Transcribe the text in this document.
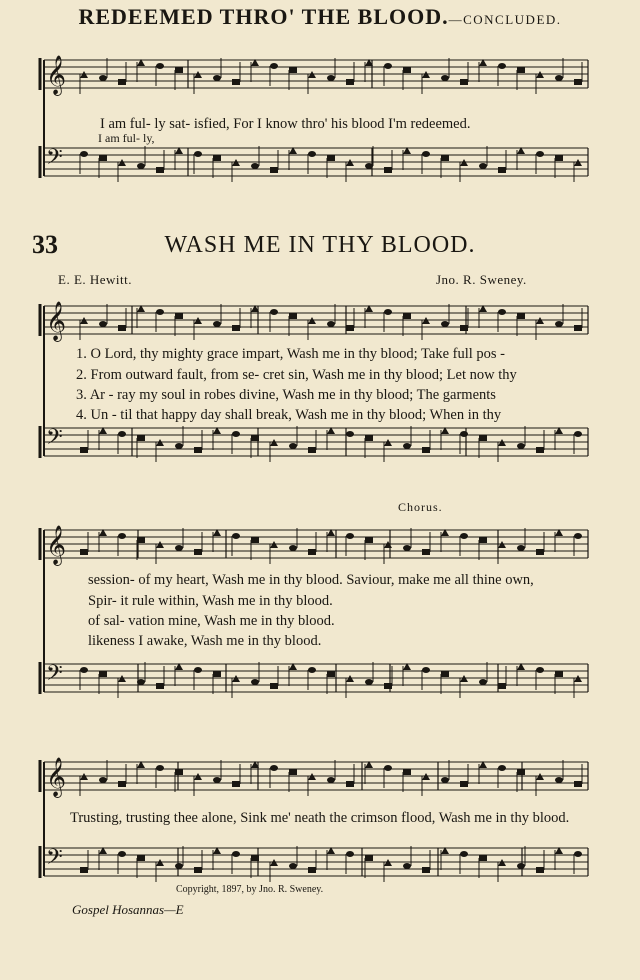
REDEEMED THRO' THE BLOOD.—CONCLUDED.
I am ful- ly sat- isfied, For I know thro' his blood I'm redeemed.
I am ful- ly,
33	WASH ME IN THY BLOOD.
E. E. Hewitt.	Jno. R. Sweney.
1. O Lord, thy mighty grace impart, Wash me in thy blood; Take full pos -
2. From outward fault, from se- cret sin, Wash me in thy blood; Let now thy
3. Ar - ray my soul in robes divine, Wash me in thy blood; The garments
4. Un - til that happy day shall break, Wash me in thy blood; When in thy
Chorus.
session- of my heart, Wash me in thy blood. Saviour, make me all thine own,
Spir- it rule within, Wash me in thy blood.
of sal- vation mine, Wash me in thy blood.
likeness I awake, Wash me in thy blood.
Trusting, trusting thee alone, Sink me' neath the crimson flood, Wash me in thy blood.
Copyright, 1897, by Jno. R. Sweney.
Gospel Hosannas—E
𝄞
𝄢
𝄞
𝄢
𝄞
𝄢
𝄞
𝄢
